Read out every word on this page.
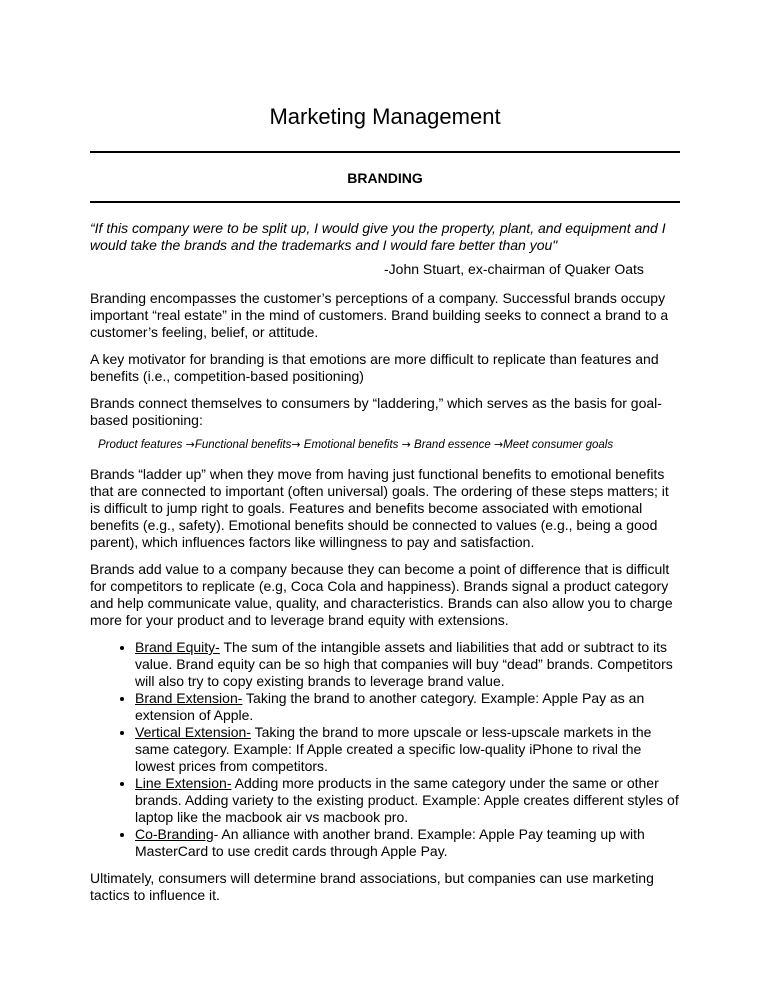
Marketing Management
BRANDING

“If this company were to be split up, I would give you the property, plant, and equipment and I would take the brands and the trademarks and I would fare better than you"

-John Stuart, ex-chairman of Quaker Oats

Branding encompasses the customer’s perceptions of a company. Successful brands occupy important “real estate” in the mind of customers. Brand building seeks to connect a brand to a customer’s feeling, belief, or attitude.

A key motivator for branding is that emotions are more difficult to replicate than features and benefits (i.e., competition-based positioning)

Brands connect themselves to consumers by “laddering,” which serves as the basis for goal-based positioning:

Product features →Functional benefits→ Emotional benefits → Brand essence →Meet consumer goals

Brands “ladder up” when they move from having just functional benefits to emotional benefits that are connected to important (often universal) goals. The ordering of these steps matters; it is difficult to jump right to goals. Features and benefits become associated with emotional benefits (e.g., safety). Emotional benefits should be connected to values (e.g., being a good parent), which influences factors like willingness to pay and satisfaction.

Brands add value to a company because they can become a point of difference that is difficult for competitors to replicate (e.g, Coca Cola and happiness). Brands signal a product category and help communicate value, quality, and characteristics. Brands can also allow you to charge more for your product and to leverage brand equity with extensions.

• Brand Equity- The sum of the intangible assets and liabilities that add or subtract to its value. Brand equity can be so high that companies will buy “dead” brands. Competitors will also try to copy existing brands to leverage brand value.
• Brand Extension- Taking the brand to another category. Example: Apple Pay as an extension of Apple.
• Vertical Extension- Taking the brand to more upscale or less-upscale markets in the same category. Example: If Apple created a specific low-quality iPhone to rival the lowest prices from competitors.
• Line Extension- Adding more products in the same category under the same or other brands. Adding variety to the existing product. Example: Apple creates different styles of laptop like the macbook air vs macbook pro.
• Co-Branding- An alliance with another brand. Example: Apple Pay teaming up with MasterCard to use credit cards through Apple Pay.

Ultimately, consumers will determine brand associations, but companies can use marketing tactics to influence it.
